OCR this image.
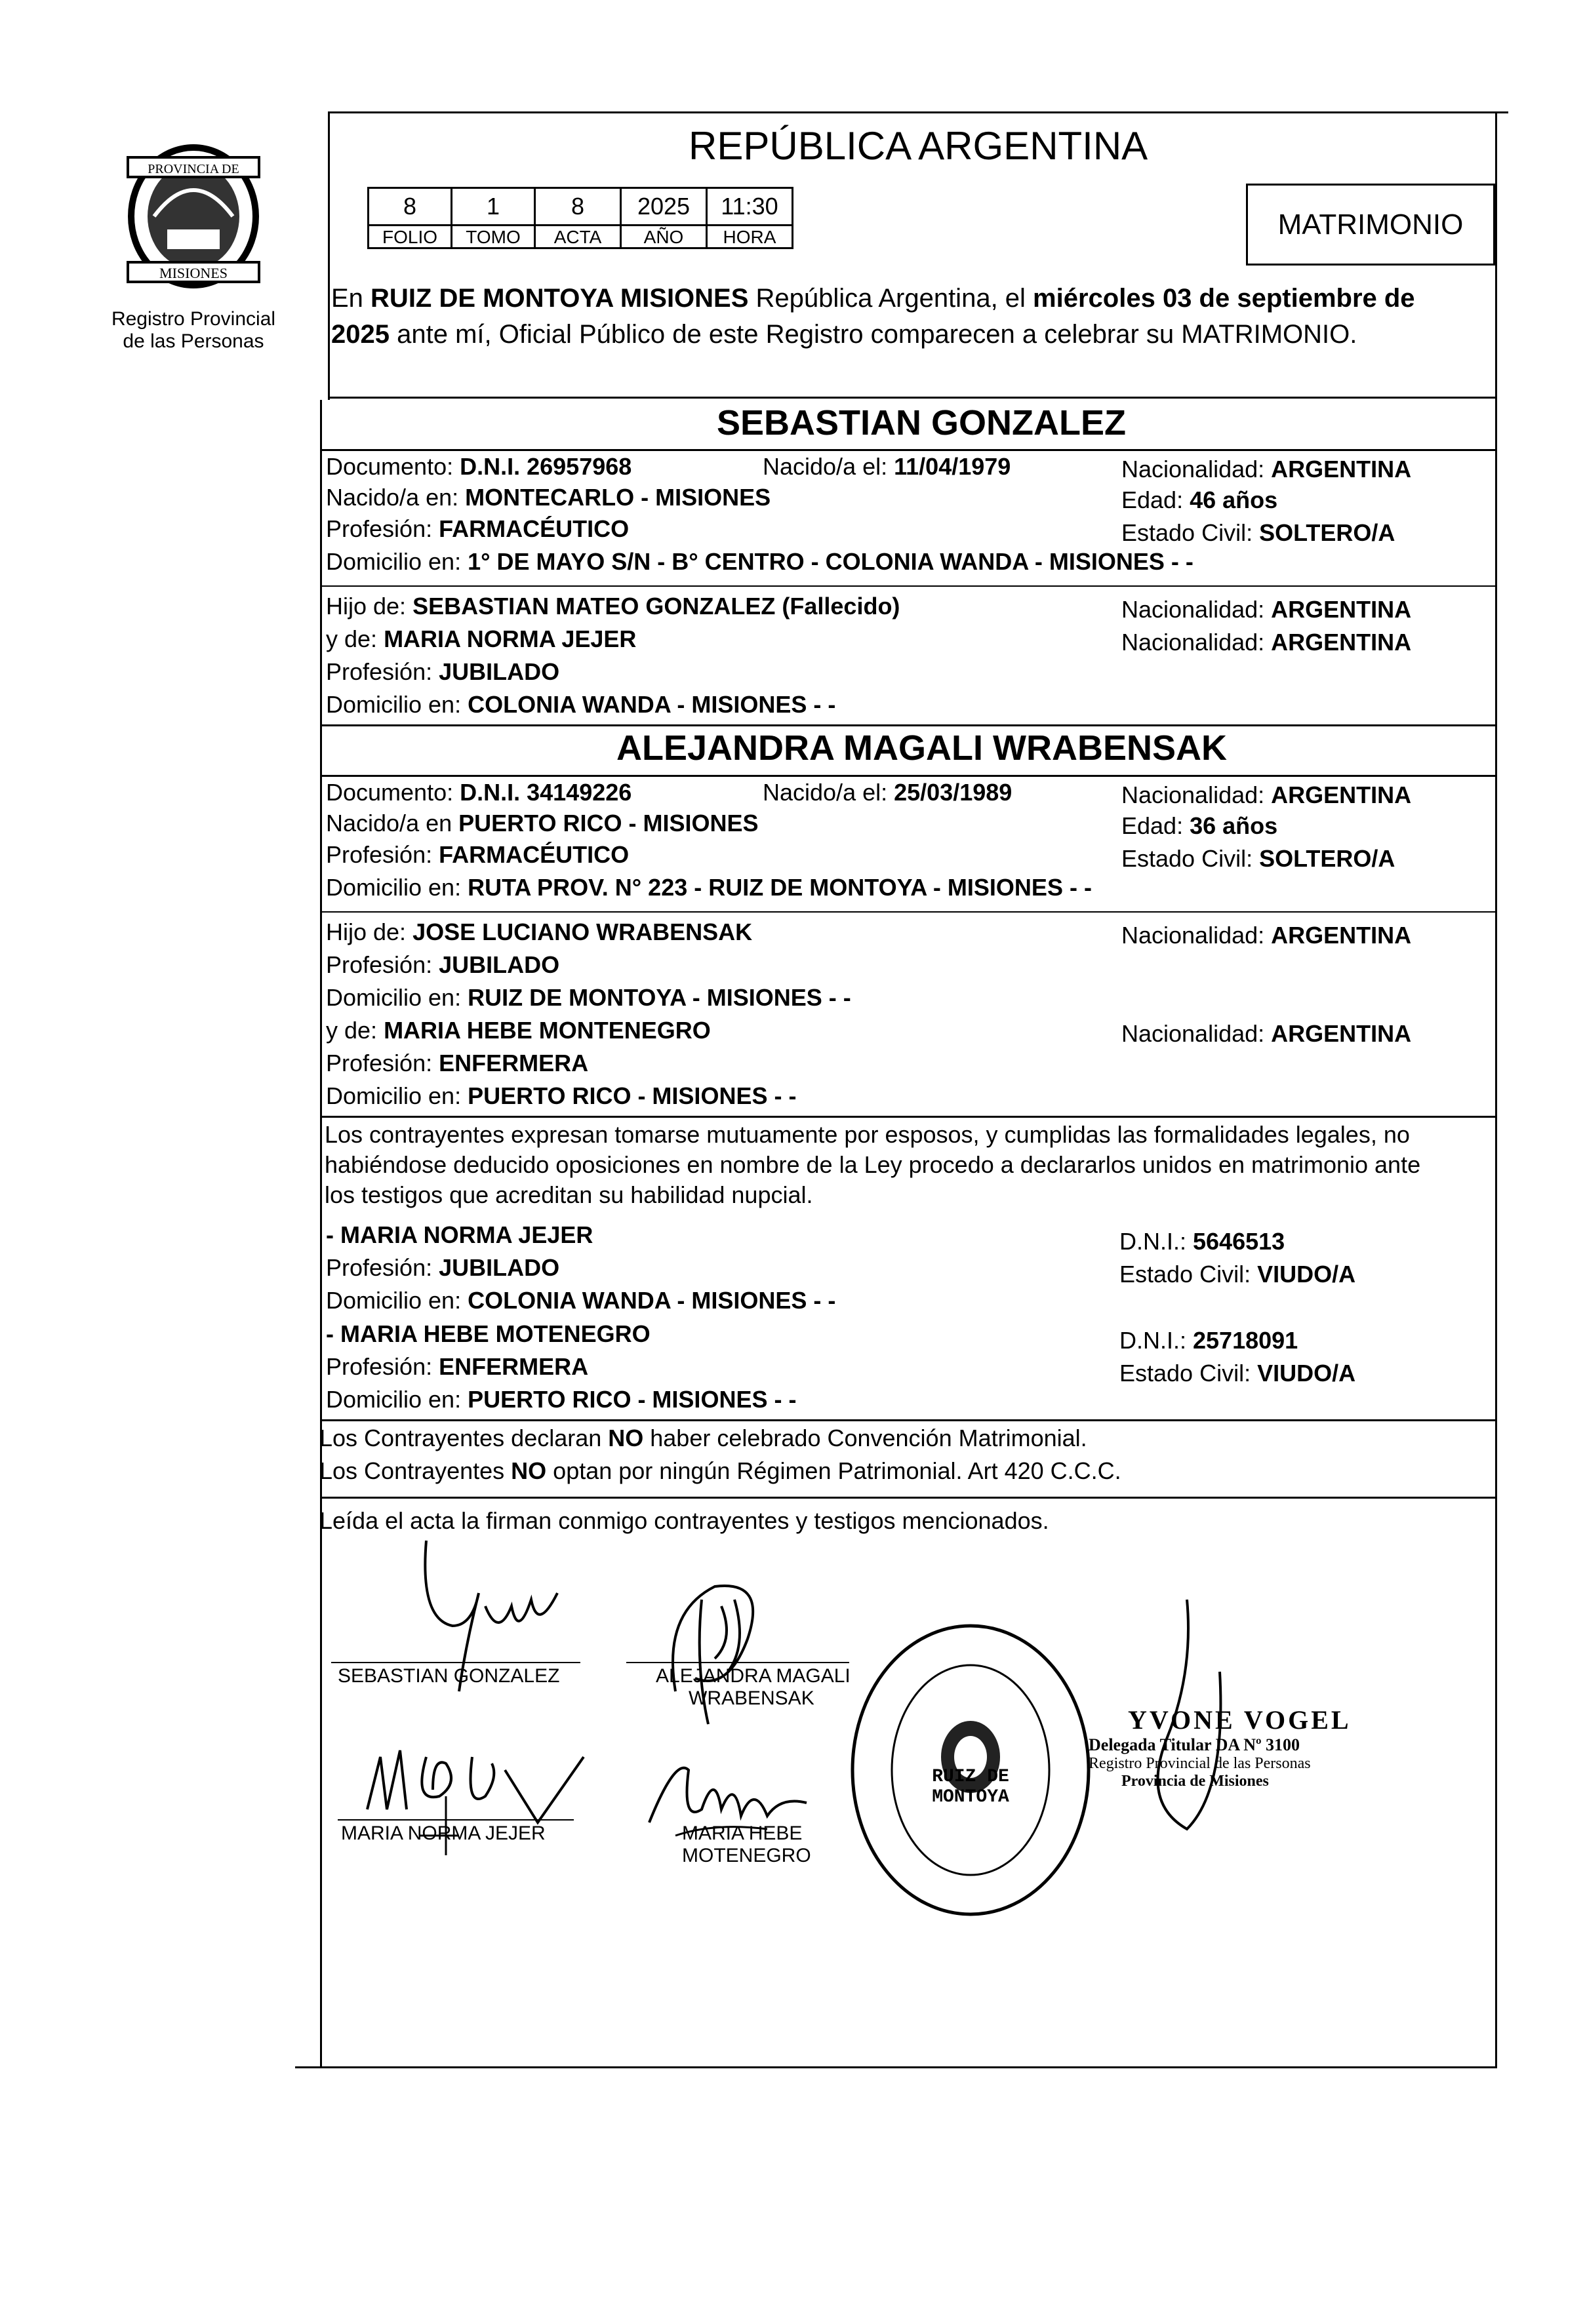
PROVINCIA DE
MISIONES
Registro Provincial
de las Personas
REPÚBLICA ARGENTINA
8	1	8	2025	11:30
FOLIO	TOMO	ACTA	AÑO	HORA	MATRIMONIO
En RUIZ DE MONTOYA MISIONES República Argentina, el miércoles 03 de septiembre de
2025 ante mí, Oficial Público de este Registro comparecen a celebrar su MATRIMONIO.
SEBASTIAN GONZALEZ
Documento: D.N.I. 26957968	Nacido/a el: 11/04/1979	Nacionalidad: ARGENTINA
Nacido/a en: MONTECARLO - MISIONES	Edad: 46 años
Profesión: FARMACÉUTICO	Estado Civil: SOLTERO/A
Domicilio en: 1° DE MAYO S/N - B° CENTRO - COLONIA WANDA - MISIONES - -
Hijo de: SEBASTIAN MATEO GONZALEZ (Fallecido)	Nacionalidad: ARGENTINA
y de: MARIA NORMA JEJER	Nacionalidad: ARGENTINA
Profesión: JUBILADO
Domicilio en: COLONIA WANDA - MISIONES - -
ALEJANDRA MAGALI WRABENSAK
Documento: D.N.I. 34149226	Nacido/a el: 25/03/1989	Nacionalidad: ARGENTINA
Nacido/a en PUERTO RICO - MISIONES	Edad: 36 años
Profesión: FARMACÉUTICO	Estado Civil: SOLTERO/A
Domicilio en: RUTA PROV. N° 223 - RUIZ DE MONTOYA - MISIONES - -
Hijo de: JOSE LUCIANO WRABENSAK	Nacionalidad: ARGENTINA
Profesión: JUBILADO
Domicilio en: RUIZ DE MONTOYA - MISIONES - -
y de: MARIA HEBE MONTENEGRO	Nacionalidad: ARGENTINA
Profesión: ENFERMERA
Domicilio en: PUERTO RICO - MISIONES - -
Los contrayentes expresan tomarse mutuamente por esposos, y cumplidas las formalidades legales, no
habiéndose deducido oposiciones en nombre de la Ley procedo a declararlos unidos en matrimonio ante
los testigos que acreditan su habilidad nupcial.
- MARIA NORMA JEJER	D.N.I.: 5646513
Profesión: JUBILADO	Estado Civil: VIUDO/A
Domicilio en: COLONIA WANDA - MISIONES - -
- MARIA HEBE MOTENEGRO	D.N.I.: 25718091
Profesión: ENFERMERA	Estado Civil: VIUDO/A
Domicilio en: PUERTO RICO - MISIONES - -
Los Contrayentes declaran NO haber celebrado Convención Matrimonial.
Los Contrayentes NO optan por ningún Régimen Patrimonial. Art 420 C.C.C.
Leída el acta la firman conmigo contrayentes y testigos mencionados.
SEBASTIAN GONZALEZ	ALEJANDRA MAGALI
WRABENSAK
MARIA NORMA JEJER	MARIA HEBE
MOTENEGRO
RUIZ DE MONTOYA
YVONE VOGEL
Delegada Titular DA Nº 3100
Registro Provincial de las Personas
Provincia de Misiones
